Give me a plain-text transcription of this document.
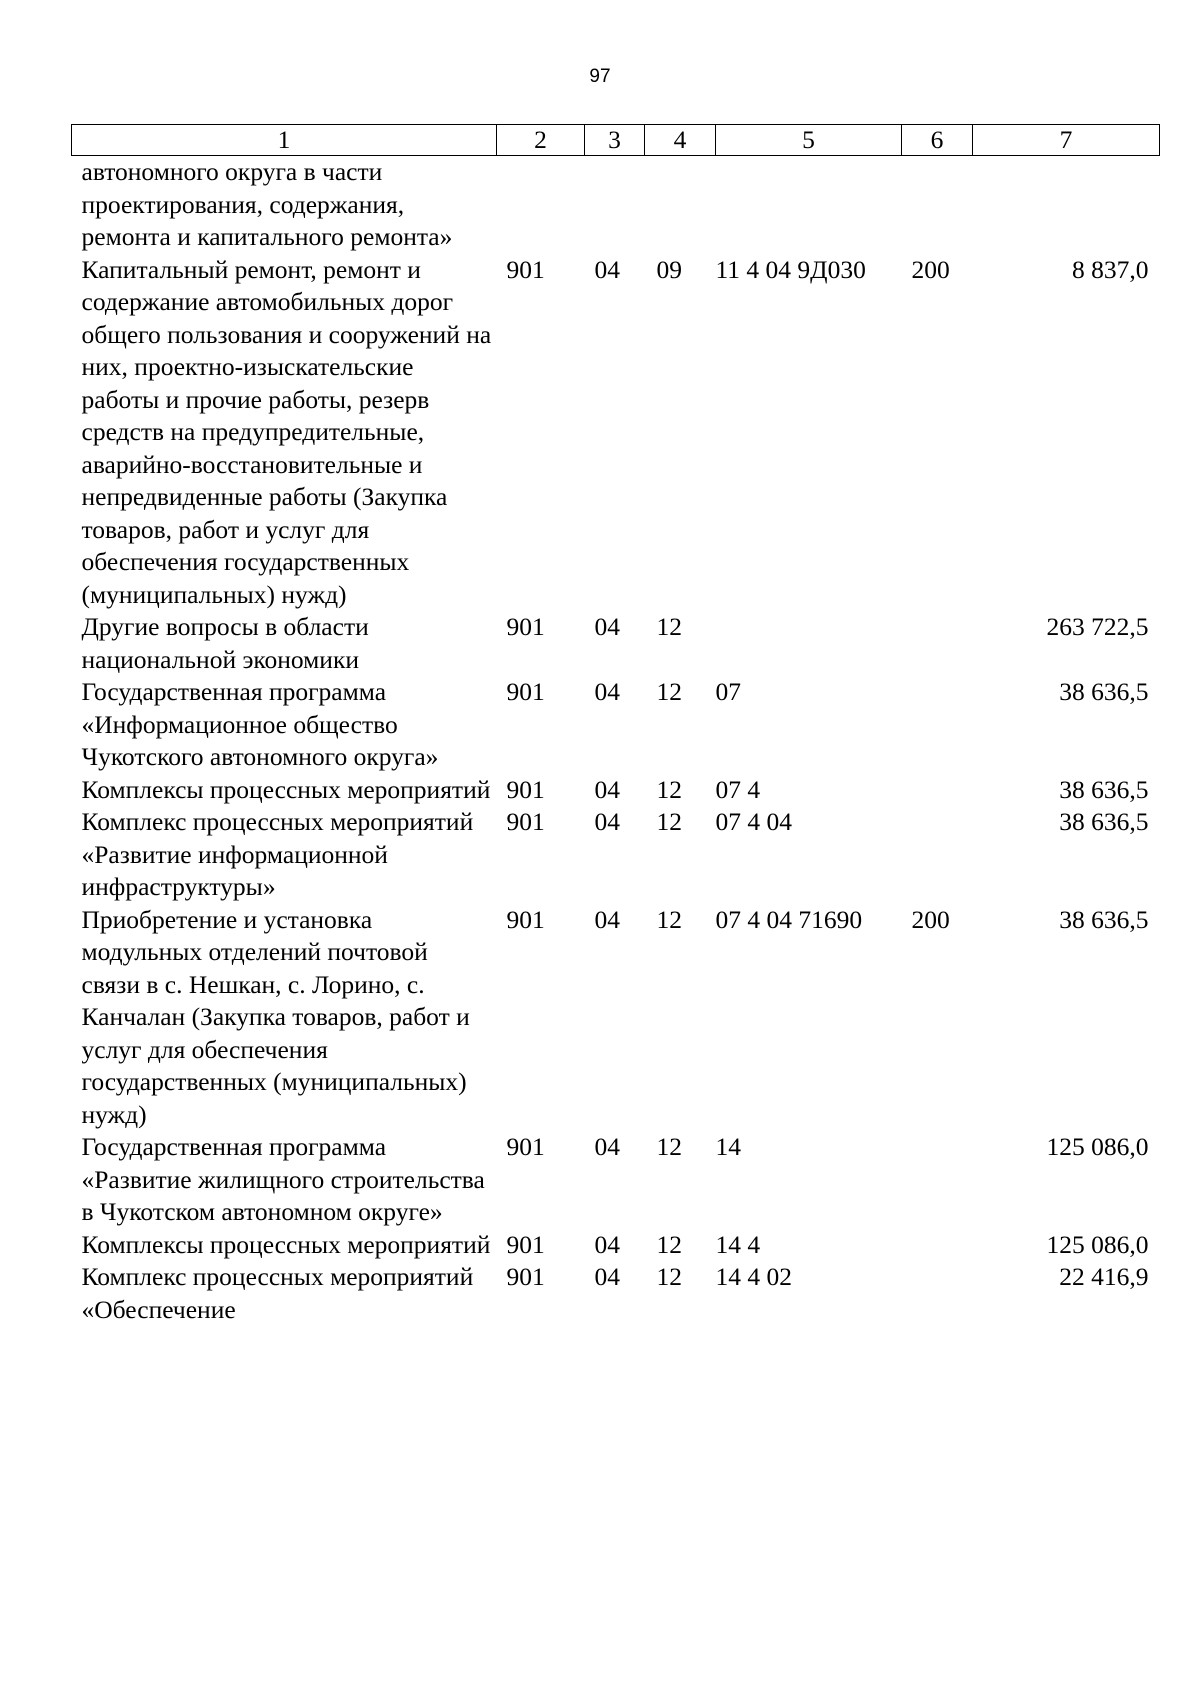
97
1	2	3	4	5	6	7
автономного округа в части проектирования, содержания, ремонта и капитального ремонта»						
Капитальный ремонт, ремонт и содержание автомобильных дорог общего пользования и сооружений на них, проектно-изыскательские работы и прочие работы, резерв средств на предупредительные, аварийно-восстановительные и непредвиденные работы (Закупка товаров, работ и услуг для обеспечения государственных (муниципальных) нужд)	901	04	09	11 4 04 9Д030	200	8 837,0
Другие вопросы в области национальной экономики	901	04	12			263 722,5
Государственная программа «Информационное общество Чукотского автономного округа»	901	04	12	07		38 636,5
Комплексы процессных мероприятий	901	04	12	07 4		38 636,5
Комплекс процессных мероприятий «Развитие информационной инфраструктуры»	901	04	12	07 4 04		38 636,5
Приобретение и установка модульных отделений почтовой связи в с. Нешкан, с. Лорино, с. Канчалан (Закупка товаров, работ и услуг для обеспечения государственных (муниципальных) нужд)	901	04	12	07 4 04 71690	200	38 636,5
Государственная программа «Развитие жилищного строительства в Чукотском автономном округе»	901	04	12	14		125 086,0
Комплексы процессных мероприятий	901	04	12	14 4		125 086,0
Комплекс процессных мероприятий «Обеспечение	901	04	12	14 4 02		22 416,9
